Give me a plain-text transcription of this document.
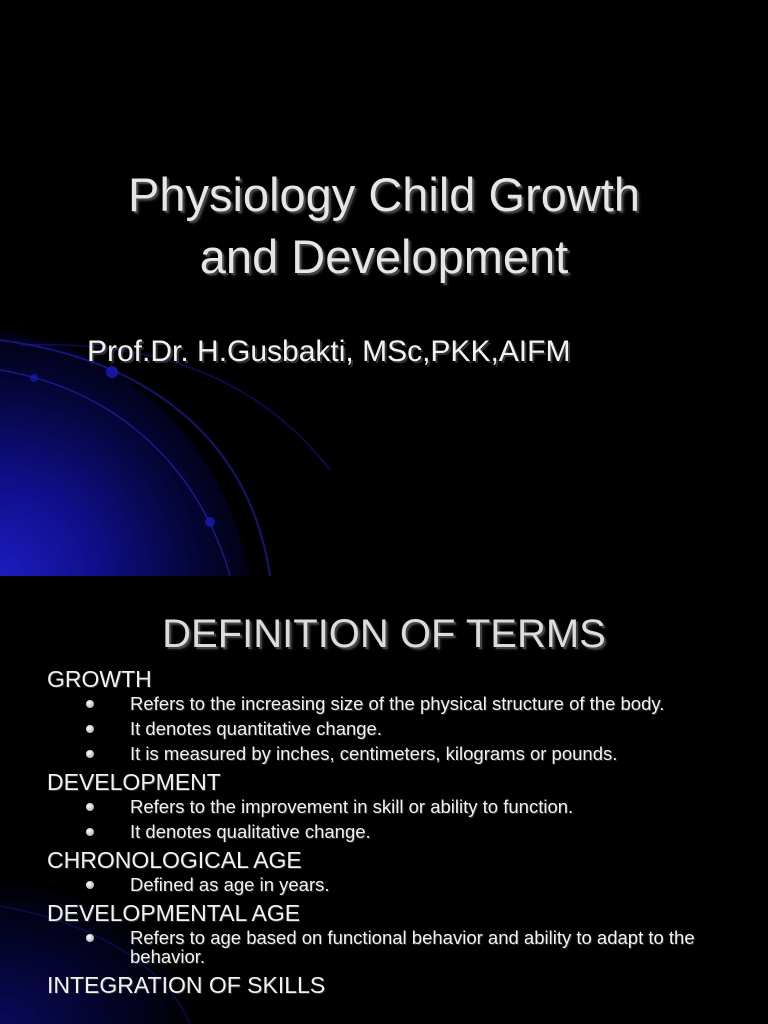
Physiology Child Growth
and Development
Prof.Dr. H.Gusbakti, MSc,PKK,AIFM
DEFINITION OF TERMS
GROWTH
Refers to the increasing size of the physical structure of the body.
It denotes quantitative change.
It is measured by inches, centimeters, kilograms or pounds.
DEVELOPMENT
Refers to the improvement in skill or ability to function.
It denotes qualitative change.
CHRONOLOGICAL AGE
Defined as age in years.
DEVELOPMENTAL AGE
Refers to age based on functional behavior and ability to adapt to the behavior.
INTEGRATION OF SKILLS
